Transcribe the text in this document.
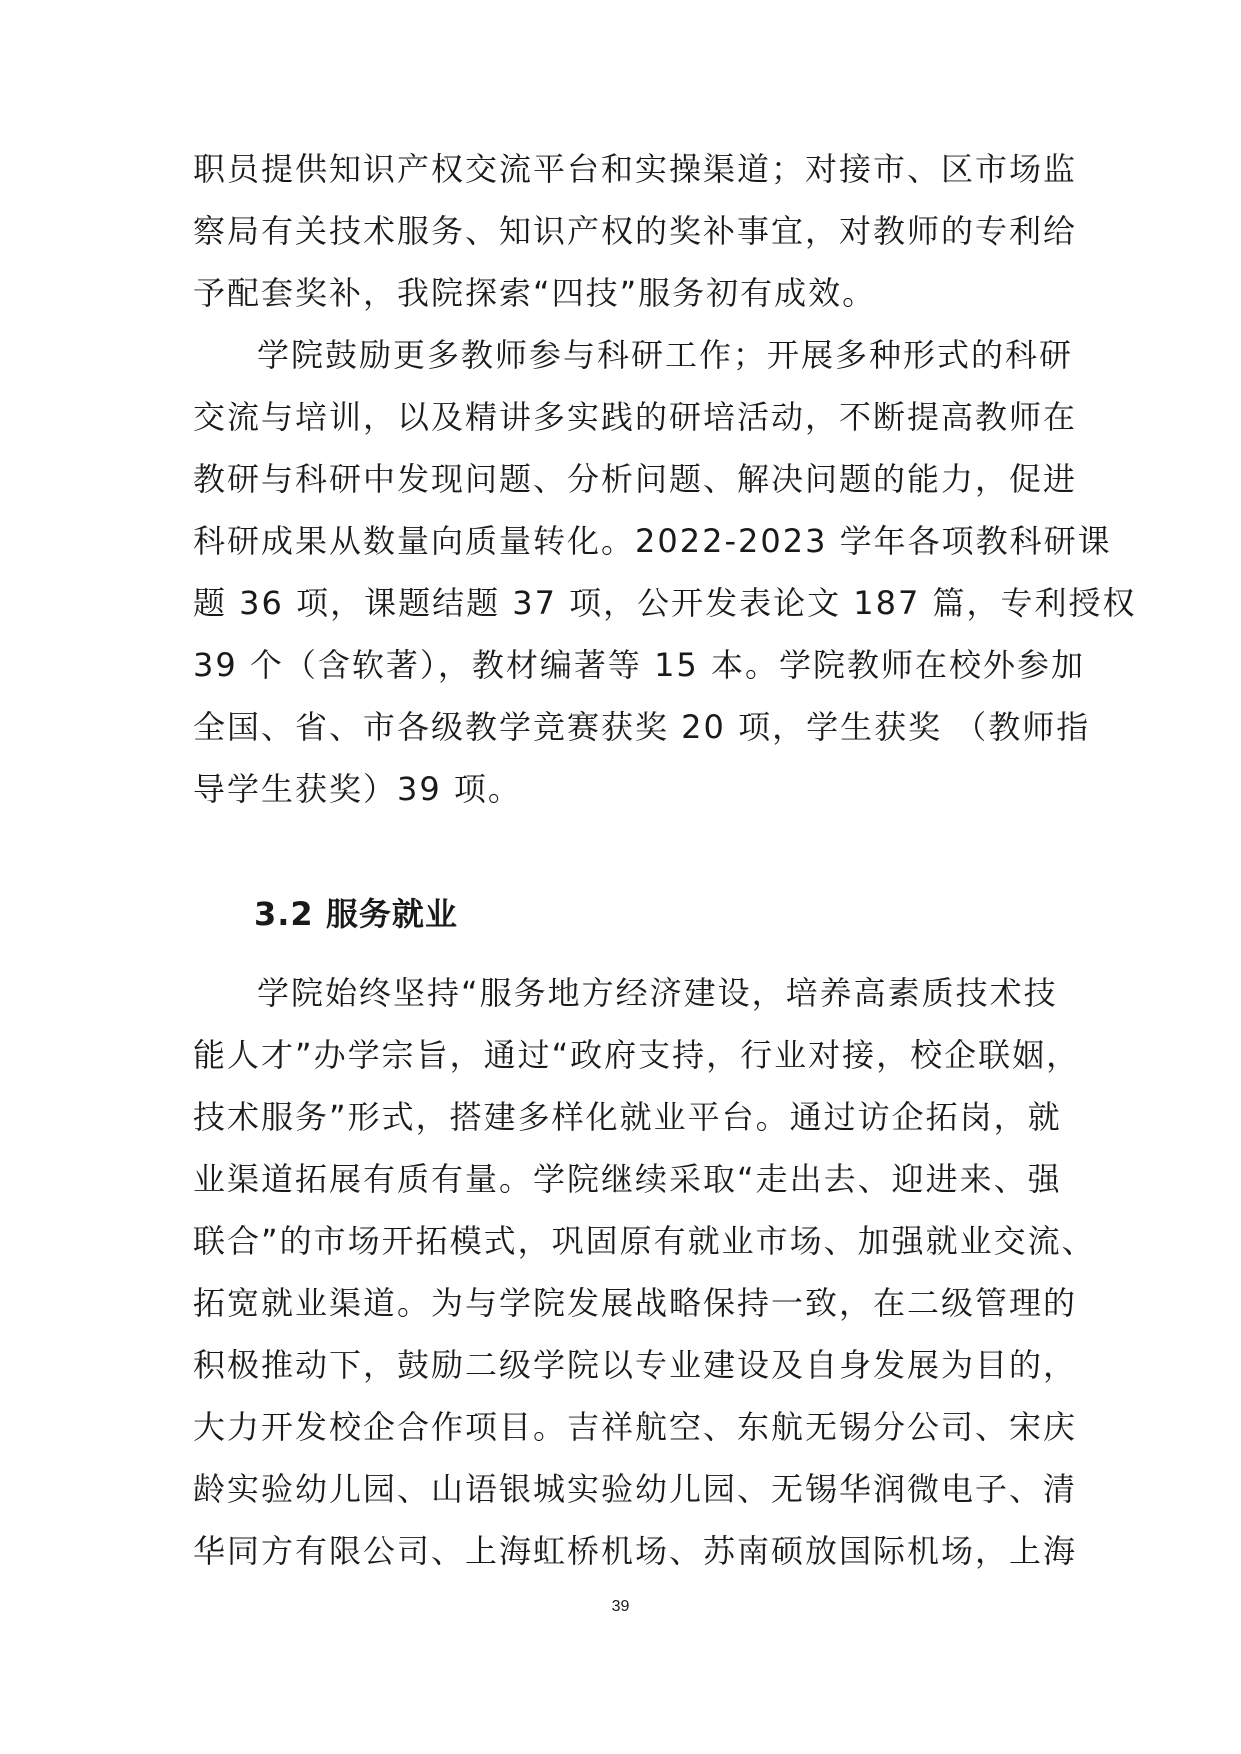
职员提供知识产权交流平台和实操渠道；对接市、区市场监
察局有关技术服务、知识产权的奖补事宜，对教师的专利给
予配套奖补，我院探索“四技”服务初有成效。
学院鼓励更多教师参与科研工作；开展多种形式的科研
交流与培训，以及精讲多实践的研培活动，不断提高教师在
教研与科研中发现问题、分析问题、解决问题的能力，促进
科研成果从数量向质量转化。2022-2023 学年各项教科研课
题 36 项，课题结题 37 项，公开发表论文 187 篇，专利授权
39 个（含软著），教材编著等 15 本。学院教师在校外参加
全国、省、市各级教学竞赛获奖 20 项，学生获奖 （教师指
导学生获奖）39 项。
3.2 服务就业
学院始终坚持“服务地方经济建设，培养高素质技术技
能人才”办学宗旨，通过“政府支持，行业对接，校企联姻，
技术服务”形式，搭建多样化就业平台。通过访企拓岗，就
业渠道拓展有质有量。学院继续采取“走出去、迎进来、强
联合”的市场开拓模式，巩固原有就业市场、加强就业交流、
拓宽就业渠道。为与学院发展战略保持一致，在二级管理的
积极推动下，鼓励二级学院以专业建设及自身发展为目的，
大力开发校企合作项目。吉祥航空、东航无锡分公司、宋庆
龄实验幼儿园、山语银城实验幼儿园、无锡华润微电子、清
华同方有限公司、上海虹桥机场、苏南硕放国际机场，上海
39
